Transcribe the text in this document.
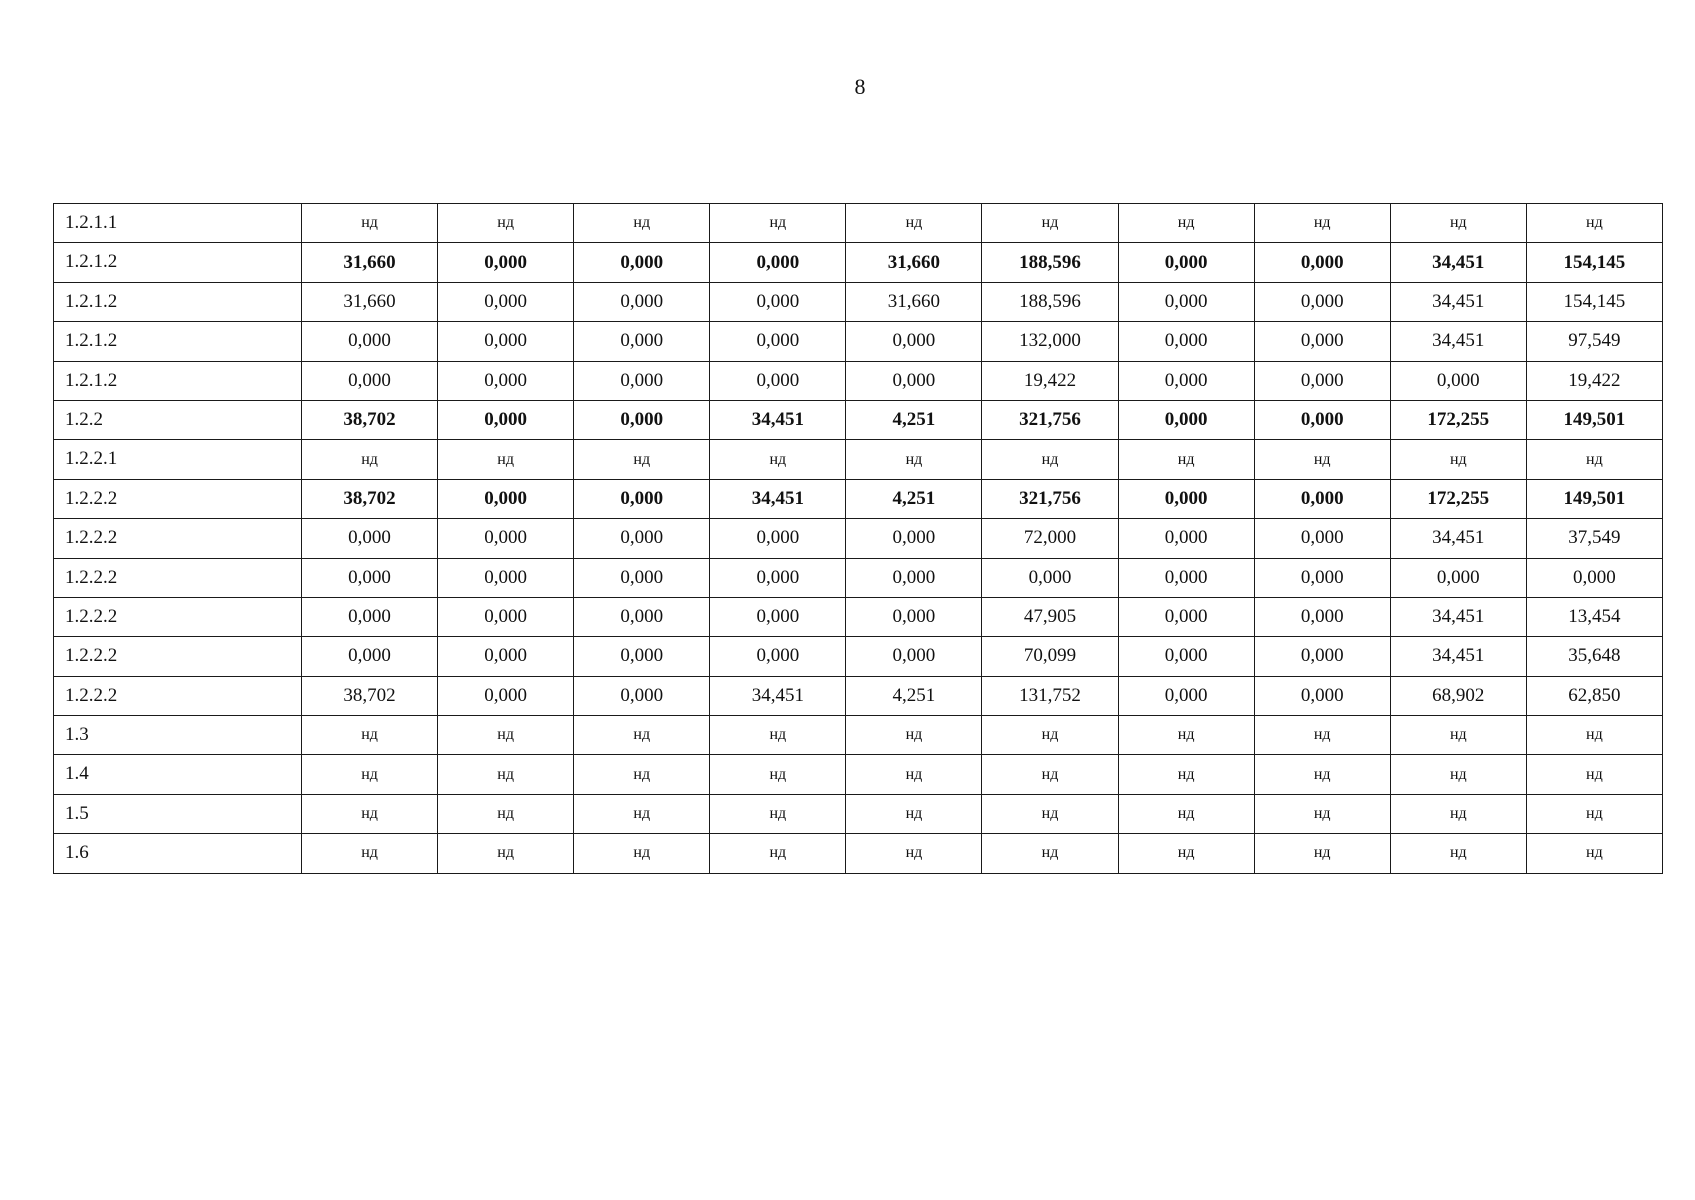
8
1.2.1.1	нд	нд	нд	нд	нд	нд	нд	нд	нд	нд
1.2.1.2	31,660	0,000	0,000	0,000	31,660	188,596	0,000	0,000	34,451	154,145
1.2.1.2	31,660	0,000	0,000	0,000	31,660	188,596	0,000	0,000	34,451	154,145
1.2.1.2	0,000	0,000	0,000	0,000	0,000	132,000	0,000	0,000	34,451	97,549
1.2.1.2	0,000	0,000	0,000	0,000	0,000	19,422	0,000	0,000	0,000	19,422
1.2.2	38,702	0,000	0,000	34,451	4,251	321,756	0,000	0,000	172,255	149,501
1.2.2.1	нд	нд	нд	нд	нд	нд	нд	нд	нд	нд
1.2.2.2	38,702	0,000	0,000	34,451	4,251	321,756	0,000	0,000	172,255	149,501
1.2.2.2	0,000	0,000	0,000	0,000	0,000	72,000	0,000	0,000	34,451	37,549
1.2.2.2	0,000	0,000	0,000	0,000	0,000	0,000	0,000	0,000	0,000	0,000
1.2.2.2	0,000	0,000	0,000	0,000	0,000	47,905	0,000	0,000	34,451	13,454
1.2.2.2	0,000	0,000	0,000	0,000	0,000	70,099	0,000	0,000	34,451	35,648
1.2.2.2	38,702	0,000	0,000	34,451	4,251	131,752	0,000	0,000	68,902	62,850
1.3	нд	нд	нд	нд	нд	нд	нд	нд	нд	нд
1.4	нд	нд	нд	нд	нд	нд	нд	нд	нд	нд
1.5	нд	нд	нд	нд	нд	нд	нд	нд	нд	нд
1.6	нд	нд	нд	нд	нд	нд	нд	нд	нд	нд
